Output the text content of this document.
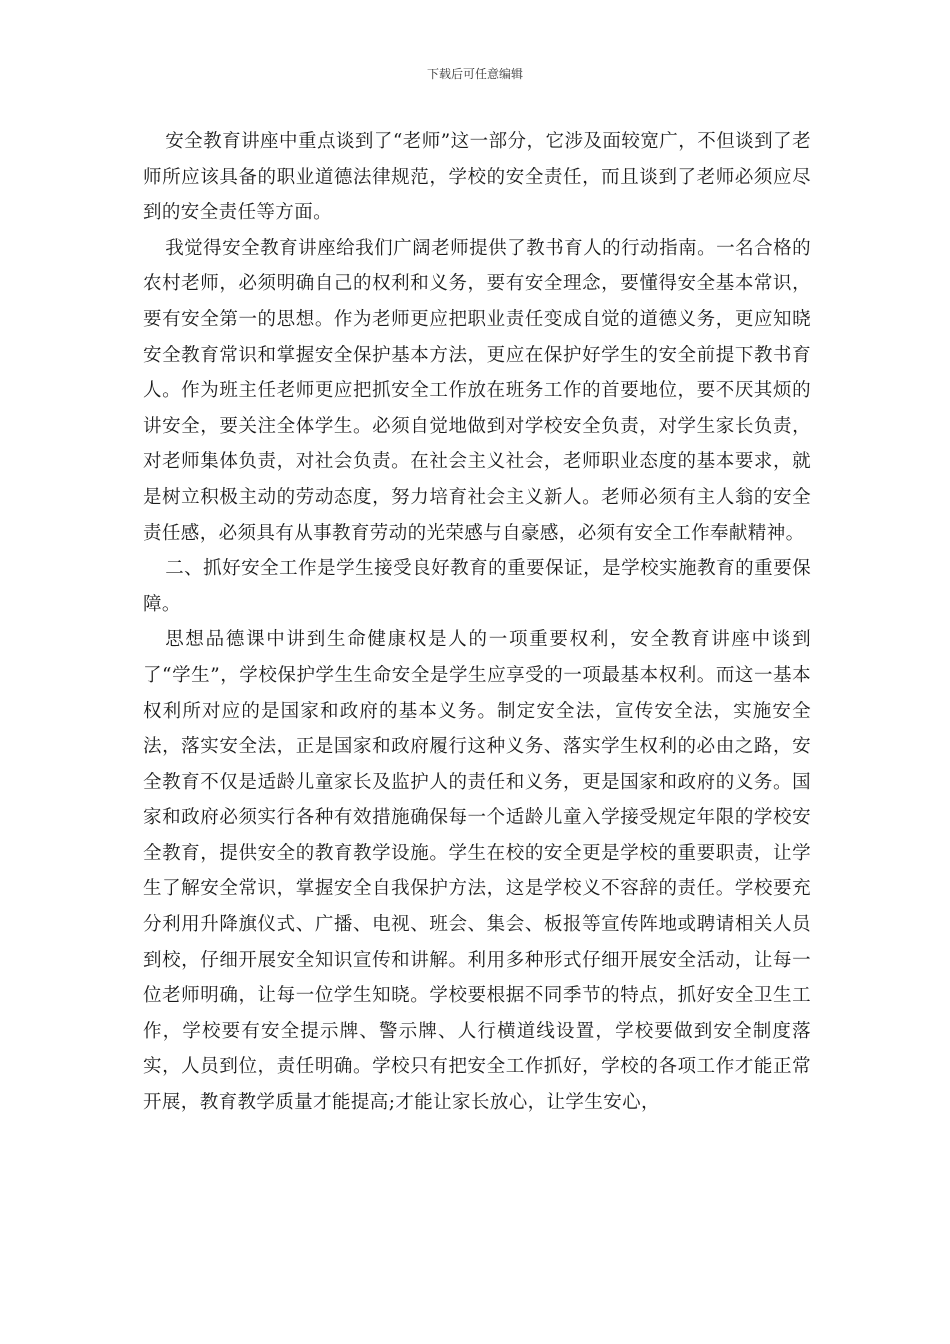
下载后可任意编辑

安全教育讲座中重点谈到了“老师”这一部分，它涉及面较宽广，不但谈到了老师所应该具备的职业道德法律规范，学校的安全责任，而且谈到了老师必须应尽到的安全责任等方面。

我觉得安全教育讲座给我们广阔老师提供了教书育人的行动指南。一名合格的农村老师，必须明确自己的权利和义务，要有安全理念，要懂得安全基本常识，要有安全第一的思想。作为老师更应把职业责任变成自觉的道德义务，更应知晓安全教育常识和掌握安全保护基本方法，更应在保护好学生的安全前提下教书育人。作为班主任老师更应把抓安全工作放在班务工作的首要地位，要不厌其烦的讲安全，要关注全体学生。必须自觉地做到对学校安全负责，对学生家长负责，对老师集体负责，对社会负责。在社会主义社会，老师职业态度的基本要求，就是树立积极主动的劳动态度，努力培育社会主义新人。老师必须有主人翁的安全责任感，必须具有从事教育劳动的光荣感与自豪感，必须有安全工作奉献精神。

二、抓好安全工作是学生接受良好教育的重要保证，是学校实施教育的重要保障。

思想品德课中讲到生命健康权是人的一项重要权利，安全教育讲座中谈到了“学生”，学校保护学生生命安全是学生应享受的一项最基本权利。而这一基本权利所对应的是国家和政府的基本义务。制定安全法，宣传安全法，实施安全法，落实安全法，正是国家和政府履行这种义务、落实学生权利的必由之路，安全教育不仅是适龄儿童家长及监护人的责任和义务，更是国家和政府的义务。国家和政府必须实行各种有效措施确保每一个适龄儿童入学接受规定年限的学校安全教育，提供安全的教育教学设施。学生在校的安全更是学校的重要职责，让学生了解安全常识，掌握安全自我保护方法，这是学校义不容辞的责任。学校要充分利用升降旗仪式、广播、电视、班会、集会、板报等宣传阵地或聘请相关人员到校，仔细开展安全知识宣传和讲解。利用多种形式仔细开展安全活动，让每一位老师明确，让每一位学生知晓。学校要根据不同季节的特点，抓好安全卫生工作，学校要有安全提示牌、警示牌、人行横道线设置，学校要做到安全制度落实，人员到位，责任明确。学校只有把安全工作抓好，学校的各项工作才能正常开展，教育教学质量才能提高;才能让家长放心，让学生安心，
